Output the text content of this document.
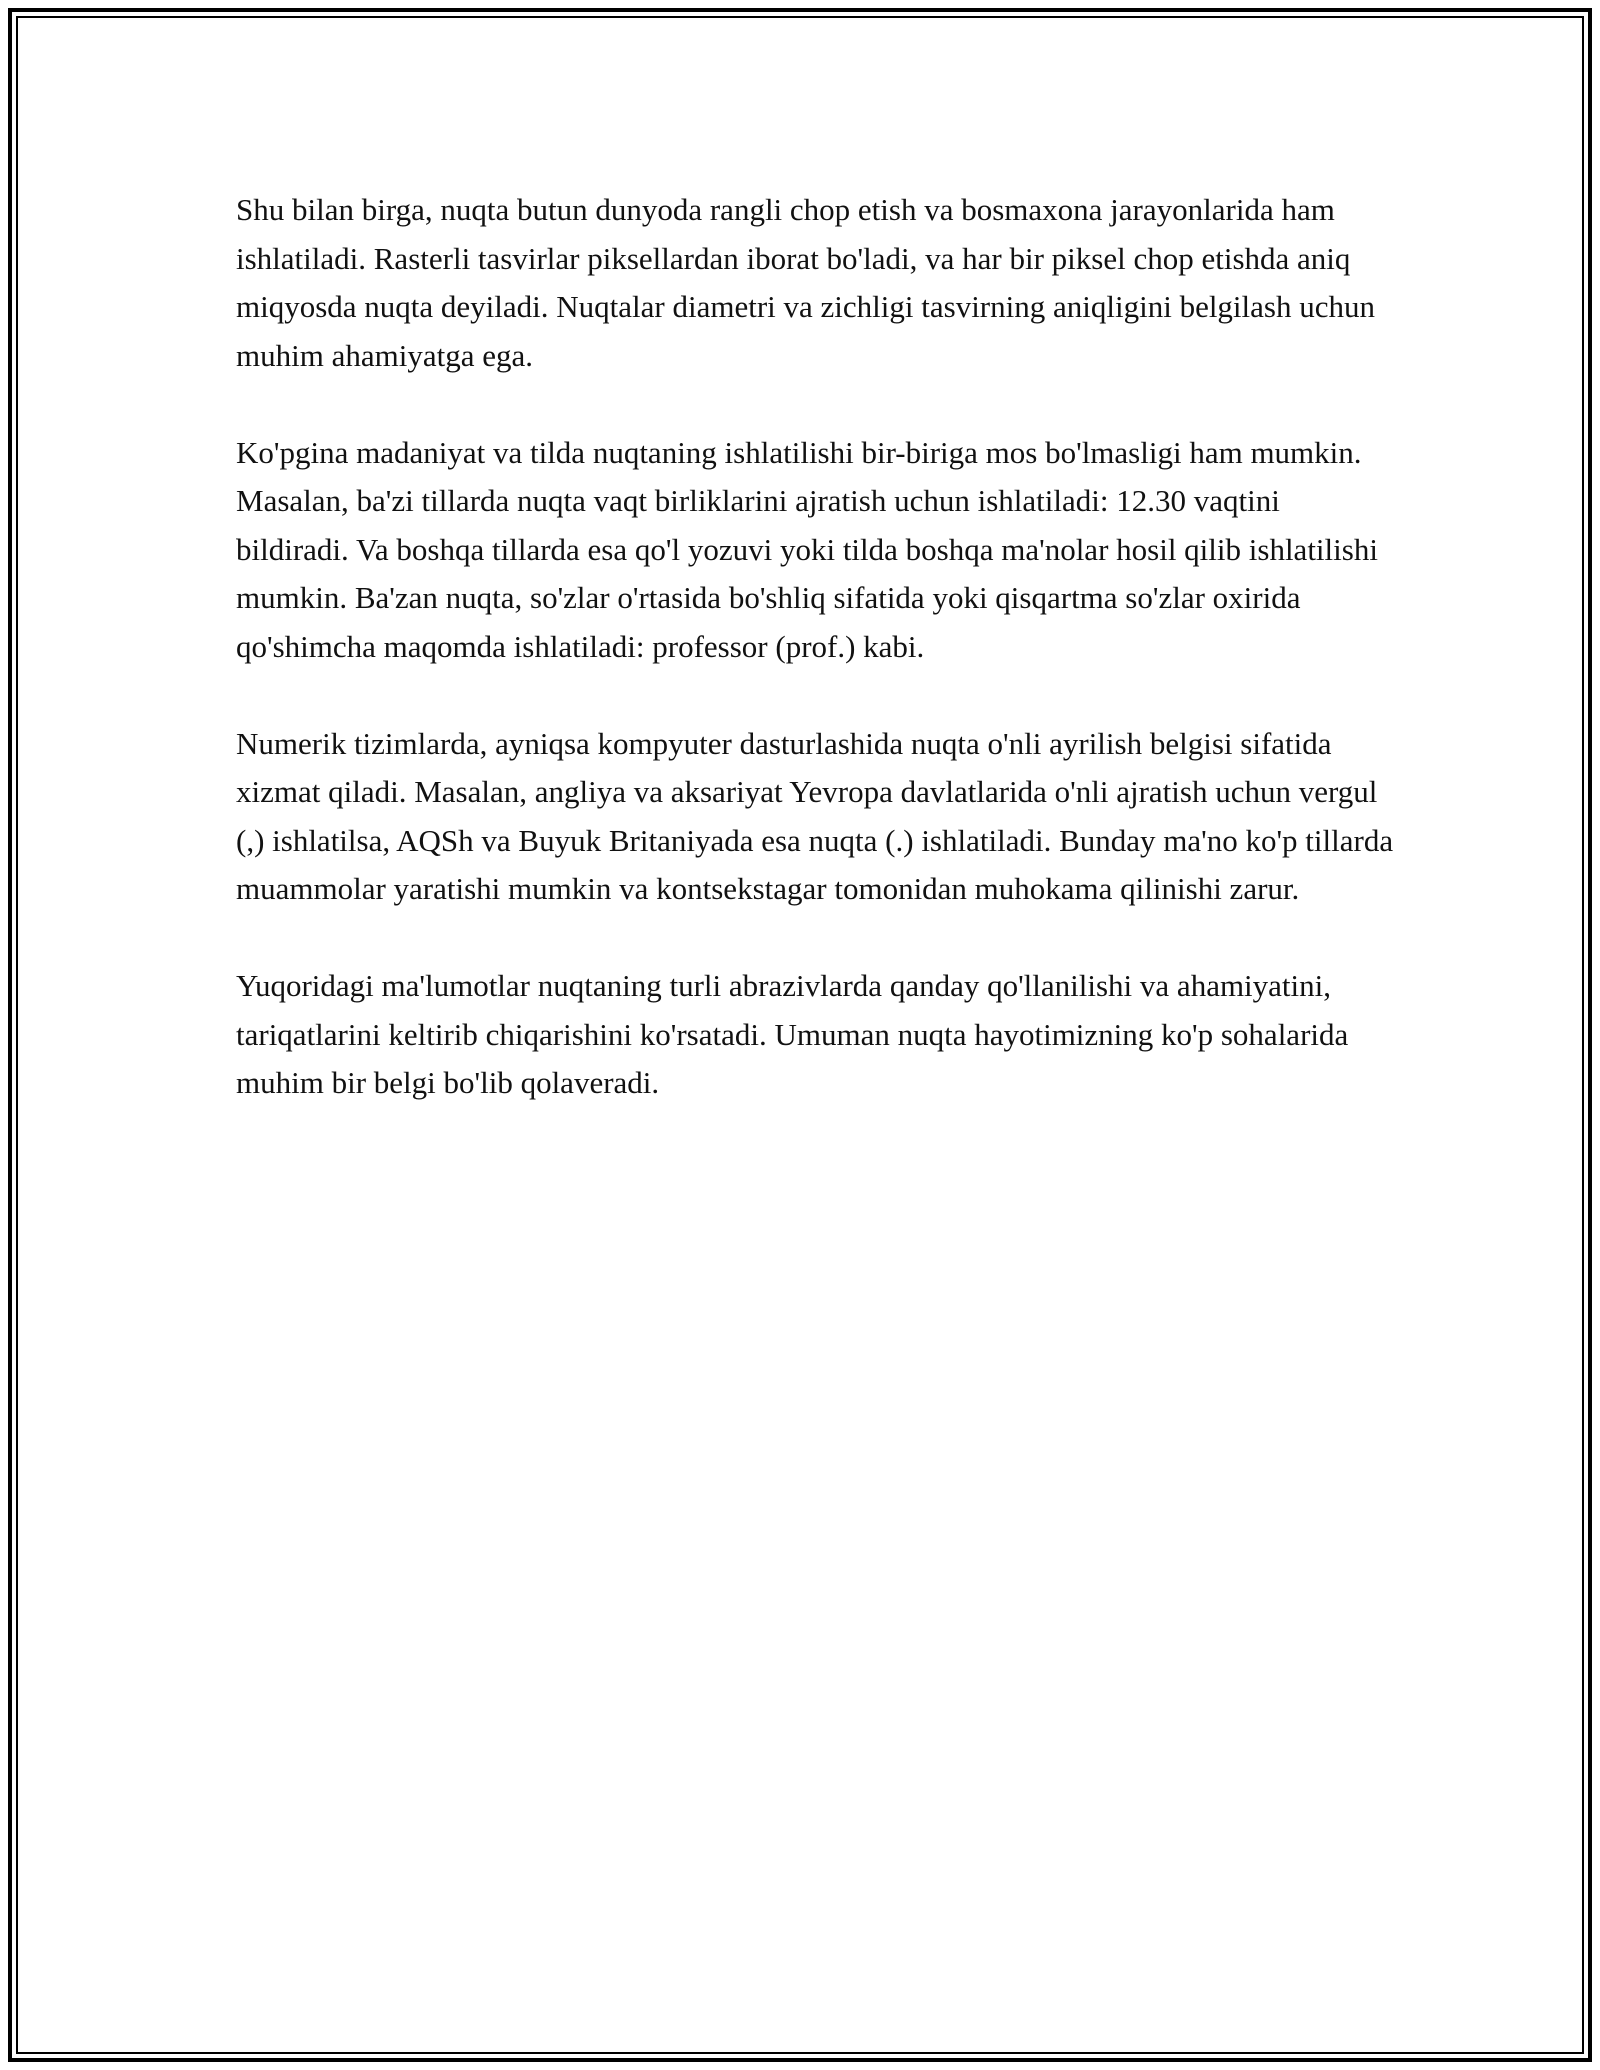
Shu bilan birga, nuqta butun dunyoda rangli chop etish va bosmaxona jarayonlarida ham ishlatiladi. Rasterli tasvirlar piksellardan iborat bo'ladi, va har bir piksel chop etishda aniq miqyosda nuqta deyiladi. Nuqtalar diametri va zichligi tasvirning aniqligini belgilash uchun muhim ahamiyatga ega.

Ko'pgina madaniyat va tilda nuqtaning ishlatilishi bir-biriga mos bo'lmasligi ham mumkin. Masalan, ba'zi tillarda nuqta vaqt birliklarini ajratish uchun ishlatiladi: 12.30 vaqtini bildiradi. Va boshqa tillarda esa qo'l yozuvi yoki tilda boshqa ma'nolar hosil qilib ishlatilishi mumkin. Ba'zan nuqta, so'zlar o'rtasida bo'shliq sifatida yoki qisqartma so'zlar oxirida qo'shimcha maqomda ishlatiladi: professor (prof.) kabi.

Numerik tizimlarda, ayniqsa kompyuter dasturlashida nuqta o'nli ayrilish belgisi sifatida xizmat qiladi. Masalan, angliya va aksariyat Yevropa davlatlarida o'nli ajratish uchun vergul (,) ishlatilsa, AQSh va Buyuk Britaniyada esa nuqta (.) ishlatiladi. Bunday ma'no ko'p tillarda muammolar yaratishi mumkin va kontsekstagar tomonidan muhokama qilinishi zarur.

Yuqoridagi ma'lumotlar nuqtaning turli abrazivlarda qanday qo'llanilishi va ahamiyatini, tariqatlarini keltirib chiqarishini ko'rsatadi. Umuman nuqta hayotimizning ko'p sohalarida muhim bir belgi bo'lib qolaveradi.
